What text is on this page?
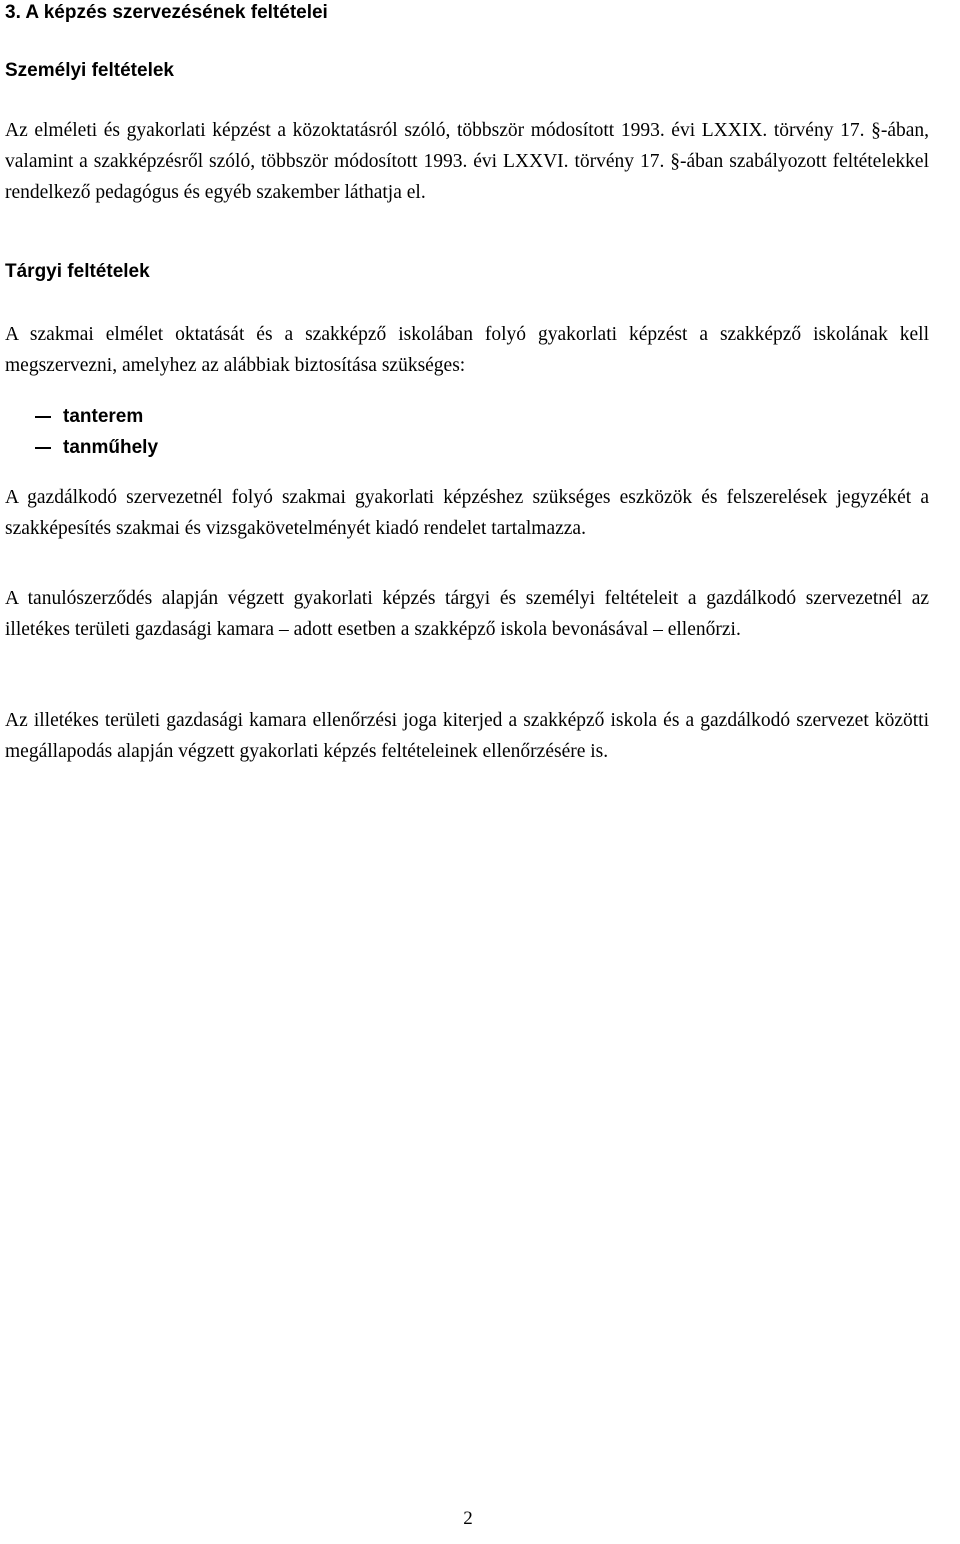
3. A képzés szervezésének feltételei
Személyi feltételek

Az elméleti és gyakorlati képzést a közoktatásról szóló, többször módosított 1993. évi LXXIX. törvény 17. §-ában, valamint a szakképzésről szóló, többször módosított 1993. évi LXXVI. törvény 17. §-ában szabályozott feltételekkel rendelkező pedagógus és egyéb szakember láthatja el.

Tárgyi feltételek

A szakmai elmélet oktatását és a szakképző iskolában folyó gyakorlati képzést a szakképző iskolának kell megszervezni, amelyhez az alábbiak biztosítása szükséges:

tanterem
tanműhely

A gazdálkodó szervezetnél folyó szakmai gyakorlati képzéshez szükséges eszközök és felszerelések jegyzékét a szakképesítés szakmai és vizsgakövetelményét kiadó rendelet tartalmazza.

A tanulószerződés alapján végzett gyakorlati képzés tárgyi és személyi feltételeit a gazdálkodó szervezetnél az illetékes területi gazdasági kamara – adott esetben a szakképző iskola bevonásával – ellenőrzi.

Az illetékes területi gazdasági kamara ellenőrzési joga kiterjed a szakképző iskola és a gazdálkodó szervezet közötti megállapodás alapján végzett gyakorlati képzés feltételeinek ellenőrzésére is.

2
